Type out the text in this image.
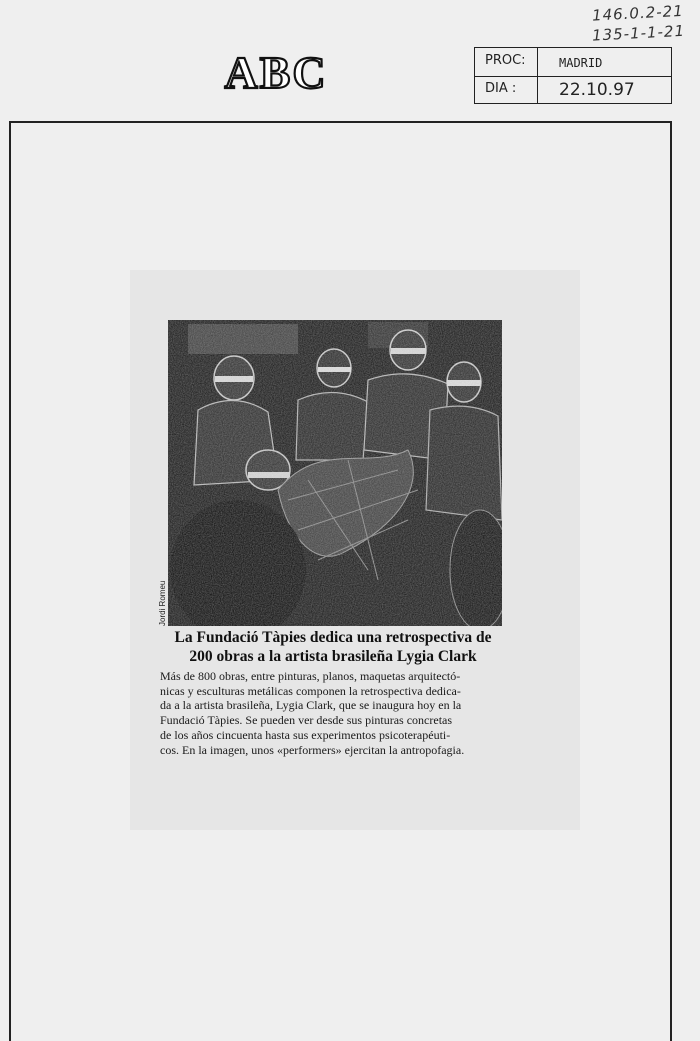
146.0.2-21
135-1-1-21
ABC	PROC:	MADRID
DIA :	22.10.97
Jordi Romeu
La Fundació Tàpies dedica una retrospectiva de
200 obras a la artista brasileña Lygia Clark
Más de 800 obras, entre pinturas, planos, maquetas arquitectó-
nicas y esculturas metálicas componen la retrospectiva dedica-
da a la artista brasileña, Lygia Clark, que se inaugura hoy en la
Fundació Tàpies. Se pueden ver desde sus pinturas concretas
de los años cincuenta hasta sus experimentos psicoterapéuti-
cos. En la imagen, unos «performers» ejercitan la antropofagia.
